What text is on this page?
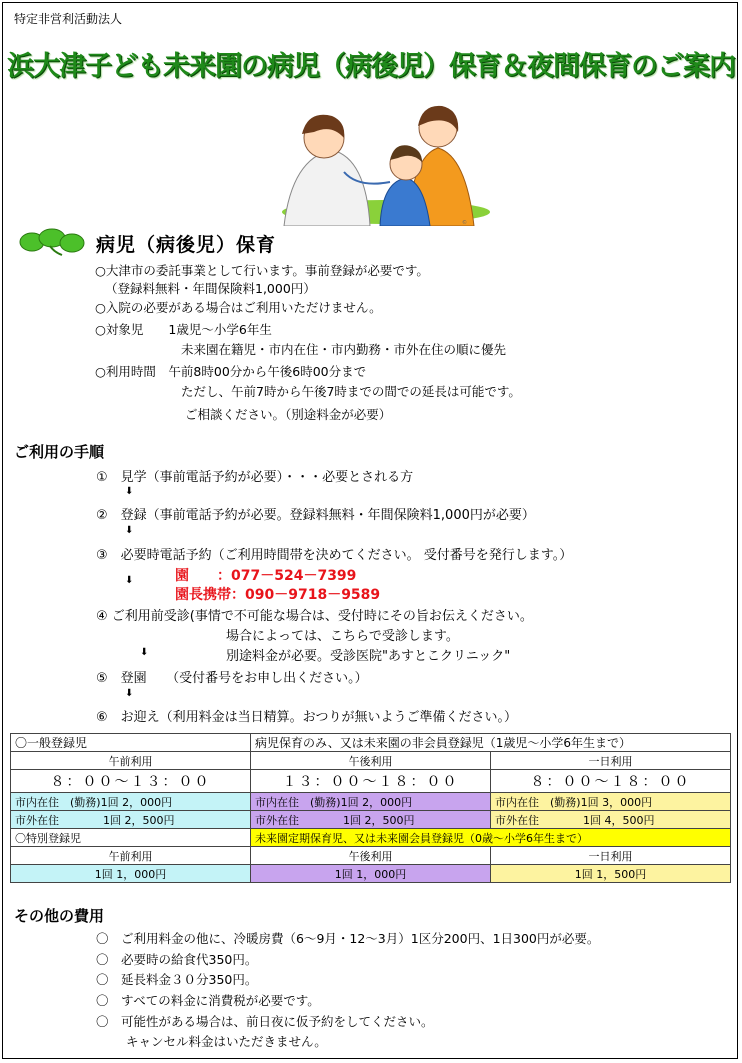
特定非営利活動法人
浜大津子ども未来園の病児（病後児）保育＆夜間保育のご案内
©
病児（病後児）保育
○大津市の委託事業として行います。事前登録が必要です。
（登録料無料・年間保険料1,000円）
○入院の必要がある場合はご利用いただけません。
○対象児　　1歳児～小学6年生
未来園在籍児・市内在住・市内勤務・市外在住の順に優先
○利用時間　午前8時00分から午後6時00分まで
ただし、午前7時から午後7時までの間での延長は可能です。
ご相談ください。（別途料金が必要）
ご利用の手順
①　見学（事前電話予約が必要）・・・必要とされる方
⬇
②　登録（事前電話予約が必要。登録料無料・年間保険料1,000円が必要）
⬇
③　必要時電話予約（ご利用時間帯を決めてください。 受付番号を発行します。）
⬇	園　　：077－524－7399
園長携帯：090－9718－9589
④ ご利用前受診(事情で不可能な場合は、受付時にその旨お伝えください。
場合によっては、こちらで受診します。
⬇	別途料金が必要。受診医院"あすとこクリニック"
⑤　登園　　（受付番号をお申し出ください。）
⬇
⑥　お迎え（利用料金は当日精算。おつりが無いようご準備ください。）
〇一般登録児	病児保育のみ、又は未来園の非会員登録児（1歳児～小学6年生まで）	
午前利用	午後利用	一日利用
８：００～１３：００	１３：００～１８：００	８：００～１８：００
市内在住　(勤務)1回 2，000円	市内在住　(勤務)1回 2，000円	市内在住　(勤務)1回 3，000円
市外在住　　　　1回 2，500円	市外在住　　　　1回 2，500円	市外在住　　　　1回 4，500円
〇特別登録児	未来園定期保育児、又は未来園会員登録児（0歳～小学6年生まで）	
午前利用	午後利用	一日利用
1回 1，000円	1回 1，000円	1回 1，500円
その他の費用
〇　ご利用料金の他に、冷暖房費（6～9月・12～3月）1区分200円、1日300円が必要。
〇　必要時の給食代350円。
〇　延長料金３０分350円。
〇　すべての料金に消費税が必要です。
〇　可能性がある場合は、前日夜に仮予約をしてください。
キャンセル料金はいただきません。
